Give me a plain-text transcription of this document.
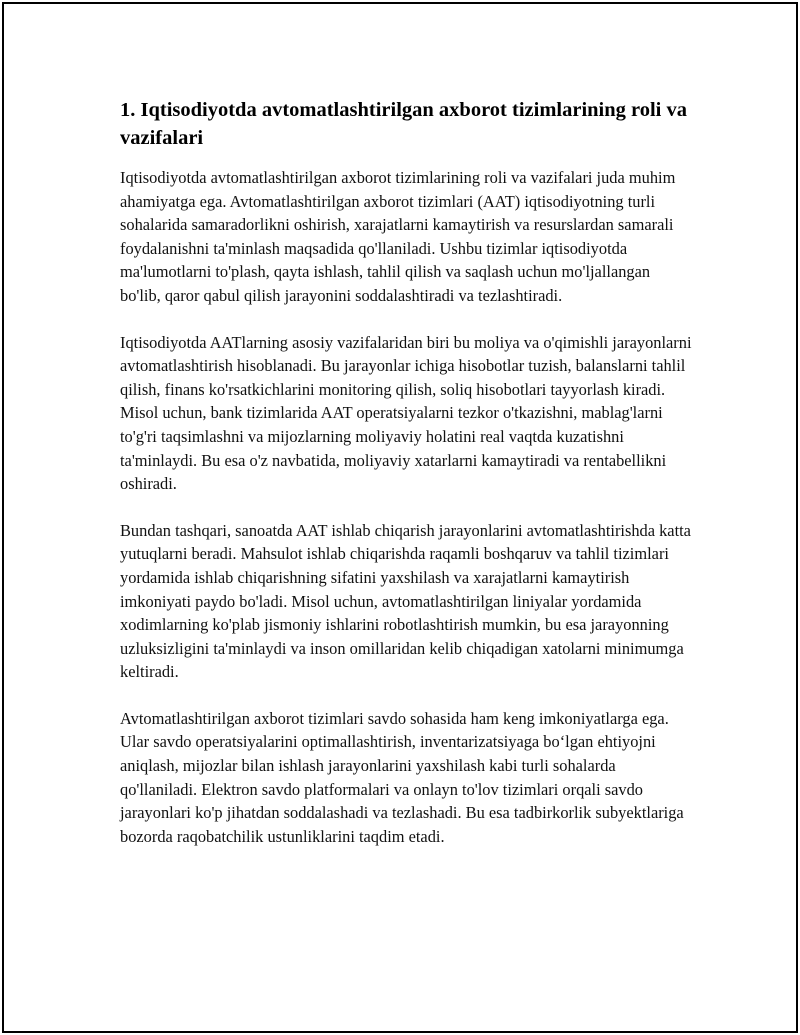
1. Iqtisodiyotda avtomatlashtirilgan axborot tizimlarining roli va vazifalari

Iqtisodiyotda avtomatlashtirilgan axborot tizimlarining roli va vazifalari juda muhim ahamiyatga ega. Avtomatlashtirilgan axborot tizimlari (AAT) iqtisodiyotning turli sohalarida samaradorlikni oshirish, xarajatlarni kamaytirish va resurslardan samarali foydalanishni ta'minlash maqsadida qo'llaniladi. Ushbu tizimlar iqtisodiyotda ma'lumotlarni to'plash, qayta ishlash, tahlil qilish va saqlash uchun mo'ljallangan bo'lib, qaror qabul qilish jarayonini soddalashtiradi va tezlashtiradi.

Iqtisodiyotda AATlarning asosiy vazifalaridan biri bu moliya va o'qimishli jarayonlarni avtomatlashtirish hisoblanadi. Bu jarayonlar ichiga hisobotlar tuzish, balanslarni tahlil qilish, finans ko'rsatkichlarini monitoring qilish, soliq hisobotlari tayyorlash kiradi. Misol uchun, bank tizimlarida AAT operatsiyalarni tezkor o'tkazishni, mablag'larni to'g'ri taqsimlashni va mijozlarning moliyaviy holatini real vaqtda kuzatishni ta'minlaydi. Bu esa o'z navbatida, moliyaviy xatarlarni kamaytiradi va rentabellikni oshiradi.

Bundan tashqari, sanoatda AAT ishlab chiqarish jarayonlarini avtomatlashtirishda katta yutuqlarni beradi. Mahsulot ishlab chiqarishda raqamli boshqaruv va tahlil tizimlari yordamida ishlab chiqarishning sifatini yaxshilash va xarajatlarni kamaytirish imkoniyati paydo bo'ladi. Misol uchun, avtomatlashtirilgan liniyalar yordamida xodimlarning ko'plab jismoniy ishlarini robotlashtirish mumkin, bu esa jarayonning uzluksizligini ta'minlaydi va inson omillaridan kelib chiqadigan xatolarni minimumga keltiradi.

Avtomatlashtirilgan axborot tizimlari savdo sohasida ham keng imkoniyatlarga ega. Ular savdo operatsiyalarini optimallashtirish, inventarizatsiyaga bo‘lgan ehtiyojni aniqlash, mijozlar bilan ishlash jarayonlarini yaxshilash kabi turli sohalarda qo'llaniladi. Elektron savdo platformalari va onlayn to'lov tizimlari orqali savdo jarayonlari ko'p jihatdan soddalashadi va tezlashadi. Bu esa tadbirkorlik subyektlariga bozorda raqobatchilik ustunliklarini taqdim etadi.
